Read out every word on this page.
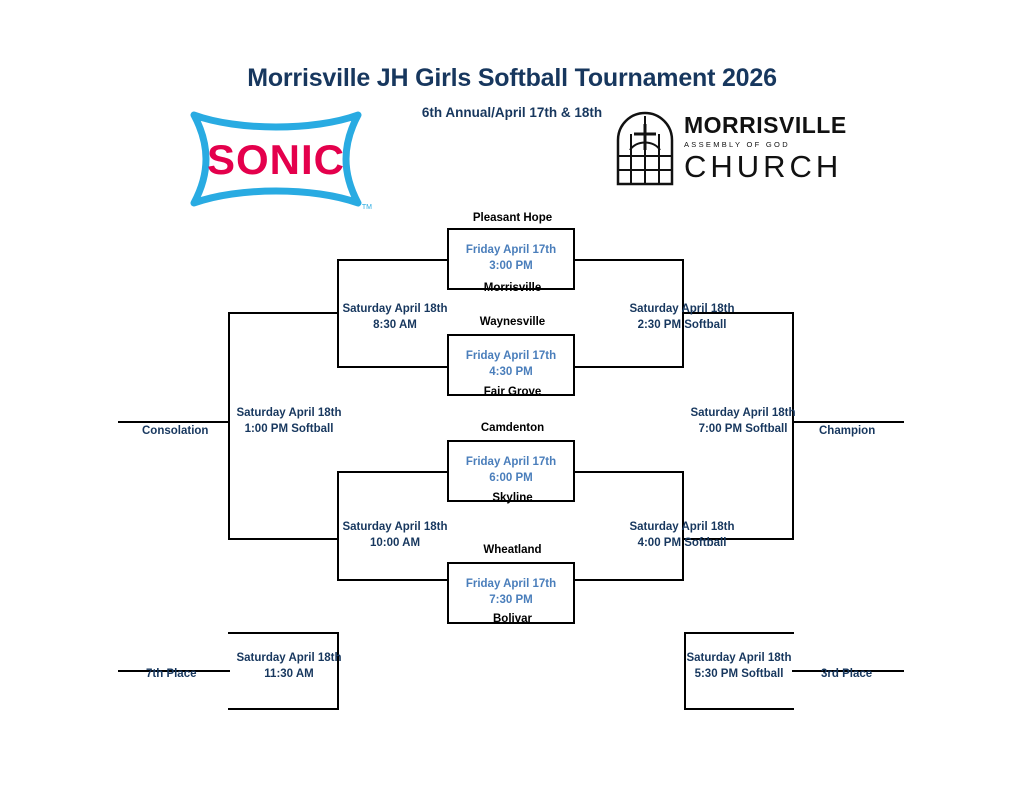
Morrisville JH Girls Softball Tournament 2026
6th Annual/April 17th & 18th
SONIC
TM
MORRISVILLE
ASSEMBLY OF GOD
CHURCH
Pleasant Hope
Friday April 17th
3:00 PM
Morrisville
Waynesville
Friday April 17th
4:30 PM
Fair Grove
Camdenton
Friday April 17th
6:00 PM
Skyline
Wheatland
Friday April 17th
7:30 PM
Bolivar
Saturday April 18th
8:30 AM
Saturday April 18th
10:00 AM
Saturday April 18th
2:30 PM Softball
Saturday April 18th
4:00 PM Softball
Saturday April 18th
1:00 PM Softball
Saturday April 18th
7:00 PM Softball
Saturday April 18th
11:30 AM
Saturday April 18th
5:30 PM Softball
Consolation	Champion
7th Place	3rd Place
